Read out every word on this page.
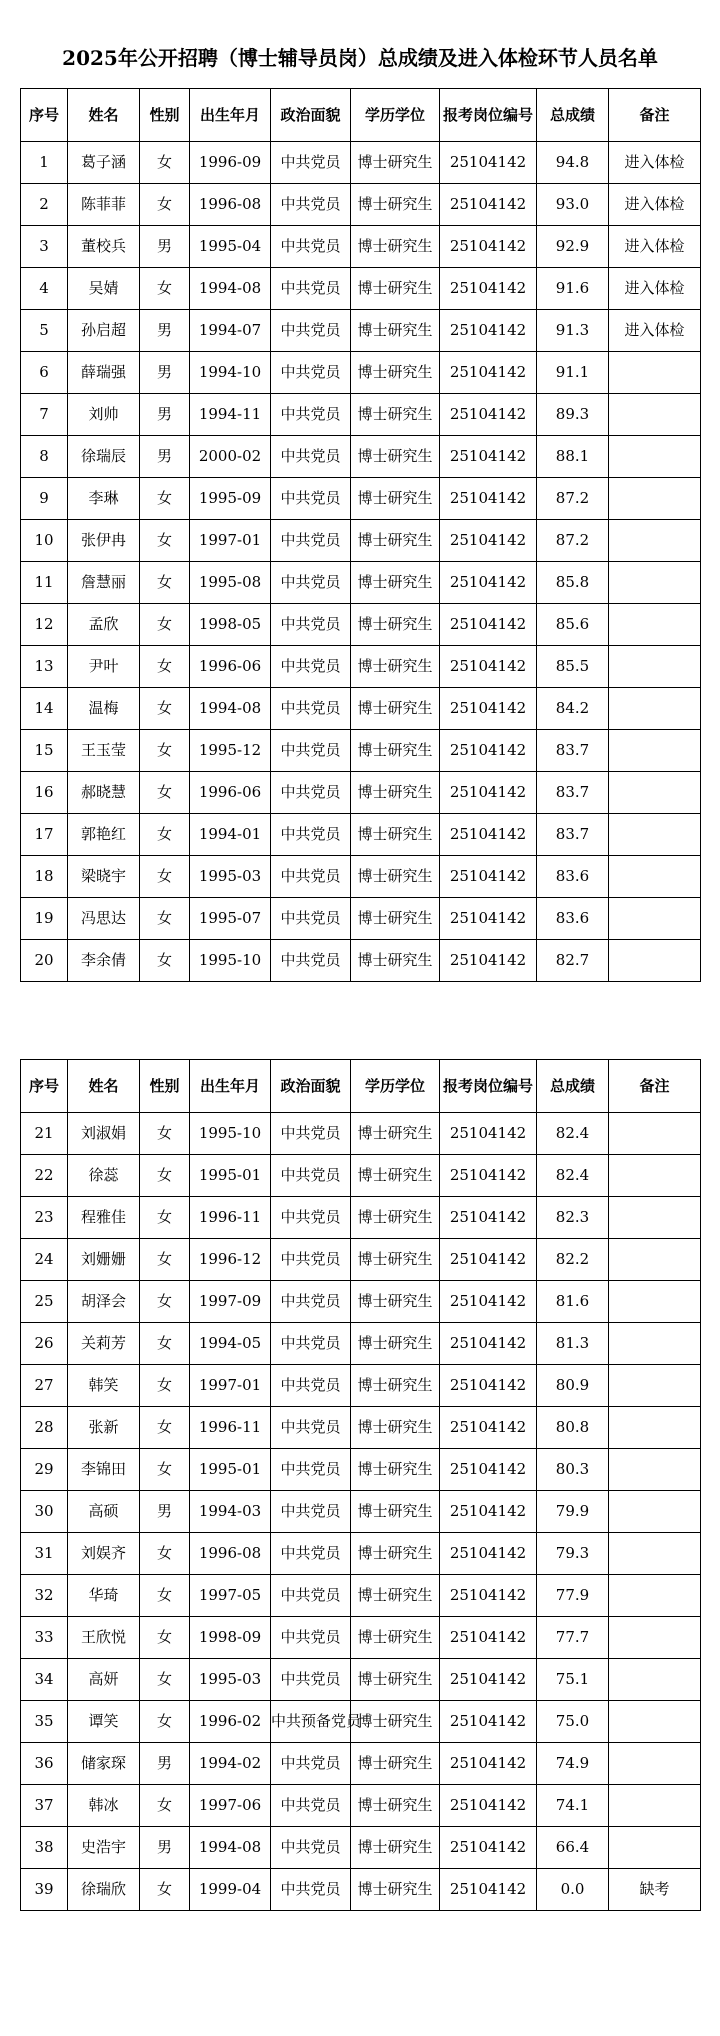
2025年公开招聘（博士辅导员岗）总成绩及进入体检环节人员名单
序号	姓名	性别	出生年月	政治面貌	学历学位	报考岗位编号	总成绩	备注
1	葛子涵	女	1996-09	中共党员	博士研究生	25104142	94.8	进入体检
2	陈菲菲	女	1996-08	中共党员	博士研究生	25104142	93.0	进入体检
3	董校兵	男	1995-04	中共党员	博士研究生	25104142	92.9	进入体检
4	吴婧	女	1994-08	中共党员	博士研究生	25104142	91.6	进入体检
5	孙启超	男	1994-07	中共党员	博士研究生	25104142	91.3	进入体检
6	薛瑞强	男	1994-10	中共党员	博士研究生	25104142	91.1	
7	刘帅	男	1994-11	中共党员	博士研究生	25104142	89.3	
8	徐瑞辰	男	2000-02	中共党员	博士研究生	25104142	88.1	
9	李琳	女	1995-09	中共党员	博士研究生	25104142	87.2	
10	张伊冉	女	1997-01	中共党员	博士研究生	25104142	87.2	
11	詹慧丽	女	1995-08	中共党员	博士研究生	25104142	85.8	
12	孟欣	女	1998-05	中共党员	博士研究生	25104142	85.6	
13	尹叶	女	1996-06	中共党员	博士研究生	25104142	85.5	
14	温梅	女	1994-08	中共党员	博士研究生	25104142	84.2	
15	王玉莹	女	1995-12	中共党员	博士研究生	25104142	83.7	
16	郝晓慧	女	1996-06	中共党员	博士研究生	25104142	83.7	
17	郭艳红	女	1994-01	中共党员	博士研究生	25104142	83.7	
18	梁晓宇	女	1995-03	中共党员	博士研究生	25104142	83.6	
19	冯思达	女	1995-07	中共党员	博士研究生	25104142	83.6	
20	李余倩	女	1995-10	中共党员	博士研究生	25104142	82.7	
序号	姓名	性别	出生年月	政治面貌	学历学位	报考岗位编号	总成绩	备注
21	刘淑娟	女	1995-10	中共党员	博士研究生	25104142	82.4	
22	徐蕊	女	1995-01	中共党员	博士研究生	25104142	82.4	
23	程雅佳	女	1996-11	中共党员	博士研究生	25104142	82.3	
24	刘姗姗	女	1996-12	中共党员	博士研究生	25104142	82.2	
25	胡泽会	女	1997-09	中共党员	博士研究生	25104142	81.6	
26	关莉芳	女	1994-05	中共党员	博士研究生	25104142	81.3	
27	韩笑	女	1997-01	中共党员	博士研究生	25104142	80.9	
28	张新	女	1996-11	中共党员	博士研究生	25104142	80.8	
29	李锦田	女	1995-01	中共党员	博士研究生	25104142	80.3	
30	高硕	男	1994-03	中共党员	博士研究生	25104142	79.9	
31	刘娱齐	女	1996-08	中共党员	博士研究生	25104142	79.3	
32	华琦	女	1997-05	中共党员	博士研究生	25104142	77.9	
33	王欣悦	女	1998-09	中共党员	博士研究生	25104142	77.7	
34	高妍	女	1995-03	中共党员	博士研究生	25104142	75.1	
35	谭笑	女	1996-02	中共预备党员	博士研究生	25104142	75.0	
36	储家琛	男	1994-02	中共党员	博士研究生	25104142	74.9	
37	韩冰	女	1997-06	中共党员	博士研究生	25104142	74.1	
38	史浩宇	男	1994-08	中共党员	博士研究生	25104142	66.4	
39	徐瑞欣	女	1999-04	中共党员	博士研究生	25104142	0.0	缺考
